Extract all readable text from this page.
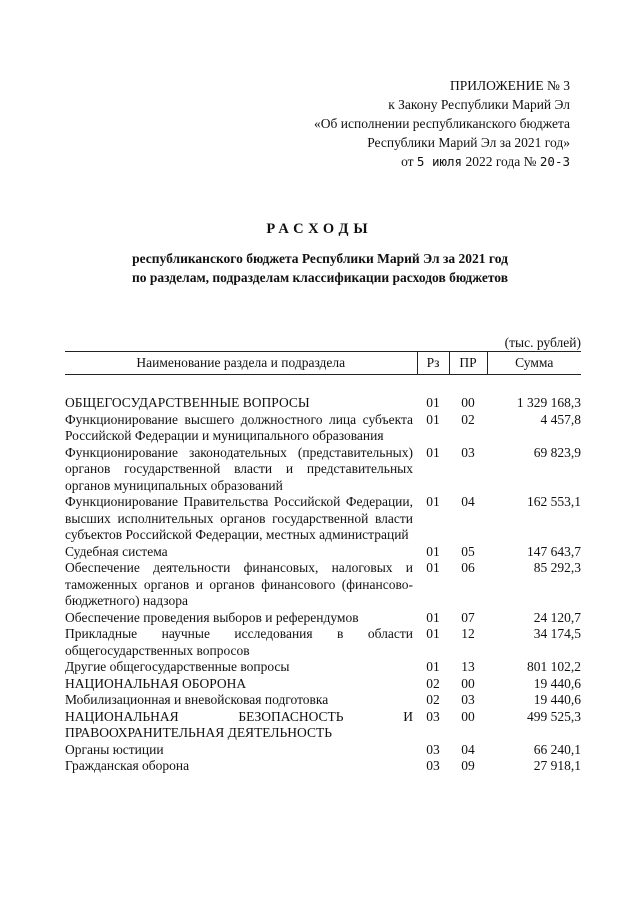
ПРИЛОЖЕНИЕ № 3
к Закону Республики Марий Эл
«Об исполнении республиканского бюджета
Республики Марий Эл за 2021 год»
от 5 июля 2022 года № 20-З
РАСХОДЫ
республиканского бюджета Республики Марий Эл за 2021 год
по разделам, подразделам классификации расходов бюджетов
(тыс. рублей)
Наименование раздела и подраздела	Рз	ПР	Сумма

ОБЩЕГОСУДАРСТВЕННЫЕ ВОПРОСЫ	01	00	1 329 168,3
Функционирование высшего должностного лица субъекта Российской Федерации и муниципального образования	01	02	4 457,8
Функционирование законодательных (представительных) органов государственной власти и представительных органов муниципальных образований	01	03	69 823,9
Функционирование Правительства Российской Федерации, высших исполнительных органов государственной власти субъектов Российской Федерации, местных администраций	01	04	162 553,1
Судебная система	01	05	147 643,7
Обеспечение деятельности финансовых, налоговых и таможенных органов и органов финансового (финансово-бюджетного) надзора	01	06	85 292,3
Обеспечение проведения выборов и референдумов	01	07	24 120,7
Прикладные научные исследования в области общегосударственных вопросов	01	12	34 174,5
Другие общегосударственные вопросы	01	13	801 102,2
НАЦИОНАЛЬНАЯ ОБОРОНА	02	00	19 440,6
Мобилизационная и вневойсковая подготовка	02	03	19 440,6
НАЦИОНАЛЬНАЯ БЕЗОПАСНОСТЬ И ПРАВООХРАНИТЕЛЬНАЯ ДЕЯТЕЛЬНОСТЬ	03	00	499 525,3
Органы юстиции	03	04	66 240,1
Гражданская оборона	03	09	27 918,1
